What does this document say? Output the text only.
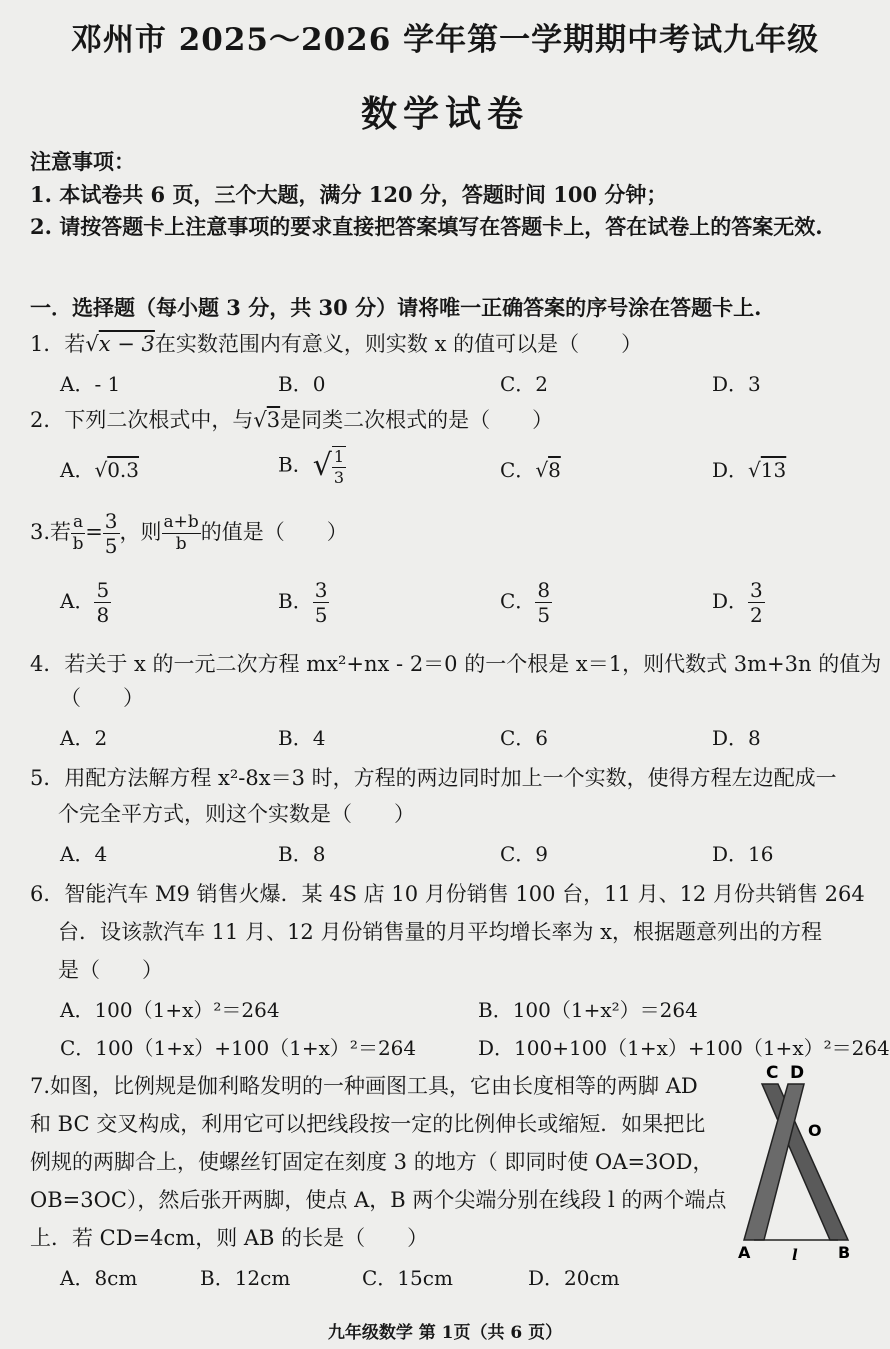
邓州市 2025～2026 学年第一学期期中考试九年级
数学试卷
注意事项：
1. 本试卷共 6 页，三个大题，满分 120 分，答题时间 100 分钟；
2. 请按答题卡上注意事项的要求直接把答案填写在答题卡上，答在试卷上的答案无效.
一．选择题（每小题 3 分，共 30 分）请将唯一正确答案的序号涂在答题卡上.
1．若√x − 3在实数范围内有意义，则实数 x 的值可以是（　　）
A．- 1	B．0	C．2	D．3
2．下列二次根式中，与√3是同类二次根式的是（　　）
A．√0.3	B．√ $\frac{1}{3}$	C．√8	D．√13
3.若 $\frac{a}{b} = \frac{3}{5}$ ，则 $\frac{a+b}{b}$ 的值是（　　）
A． $\frac{5}{8}$	B． $\frac{3}{5}$	C． $\frac{8}{5}$	D． $\frac{3}{2}$
4．若关于 x 的一元二次方程 mx²+nx - 2＝0 的一个根是 x＝1，则代数式 3m+3n 的值为
（　　）
A．2	B．4	C．6	D．8
5．用配方法解方程 x²-8x＝3 时，方程的两边同时加上一个实数，使得方程左边配成一
个完全平方式，则这个实数是（　　）
A．4	B．8	C．9	D．16
6．智能汽车 M9 销售火爆．某 4S 店 10 月份销售 100 台，11 月、12 月份共销售 264
台．设该款汽车 11 月、12 月份销售量的月平均增长率为 x，根据题意列出的方程
是（　　）
A．100（1+x）²＝264	B．100（1+x²）＝264
C．100（1+x）+100（1+x）²＝264	D．100+100（1+x）+100（1+x）²＝264
7.如图，比例规是伽利略发明的一种画图工具，它由长度相等的两脚 AD
和 BC 交叉构成，利用它可以把线段按一定的比例伸长或缩短．如果把比
例规的两脚合上，使螺丝钉固定在刻度 3 的地方（ 即同时使 OA=3OD，
OB=3OC），然后张开两脚，使点 A，B 两个尖端分别在线段 l 的两个端点
上．若 CD=4cm，则 AB 的长是（　　）
A．8cm	B．12cm	C．15cm	D．20cm
C D
O
A	l	B
九年级数学 第 1页（共 6 页）
